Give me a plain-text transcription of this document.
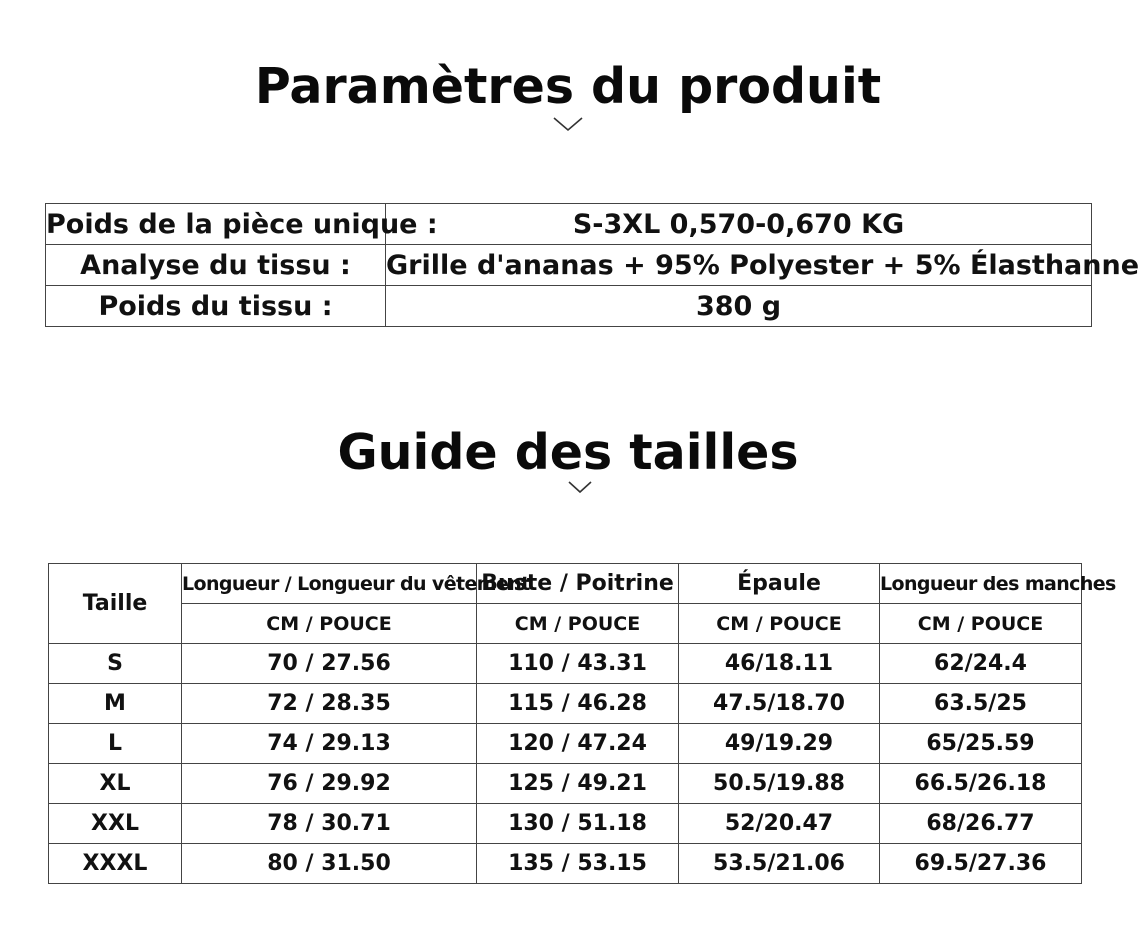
Paramètres du produit
Poids de la pièce unique :	S-3XL 0,570-0,670 KG
Analyse du tissu :	Grille d'ananas + 95% Polyester + 5% Élasthanne
Poids du tissu :	380 g
Guide des tailles
Taille	Longueur / Longueur du vêtement	Buste / Poitrine	Épaule	Longueur des manches
	CM / POUCE	CM / POUCE	CM / POUCE	CM / POUCE
S	70 / 27.56	110 / 43.31	46/18.11	62/24.4
M	72 / 28.35	115 / 46.28	47.5/18.70	63.5/25
L	74 / 29.13	120 / 47.24	49/19.29	65/25.59
XL	76 / 29.92	125 / 49.21	50.5/19.88	66.5/26.18
XXL	78 / 30.71	130 / 51.18	52/20.47	68/26.77
XXXL	80 / 31.50	135 / 53.15	53.5/21.06	69.5/27.36
